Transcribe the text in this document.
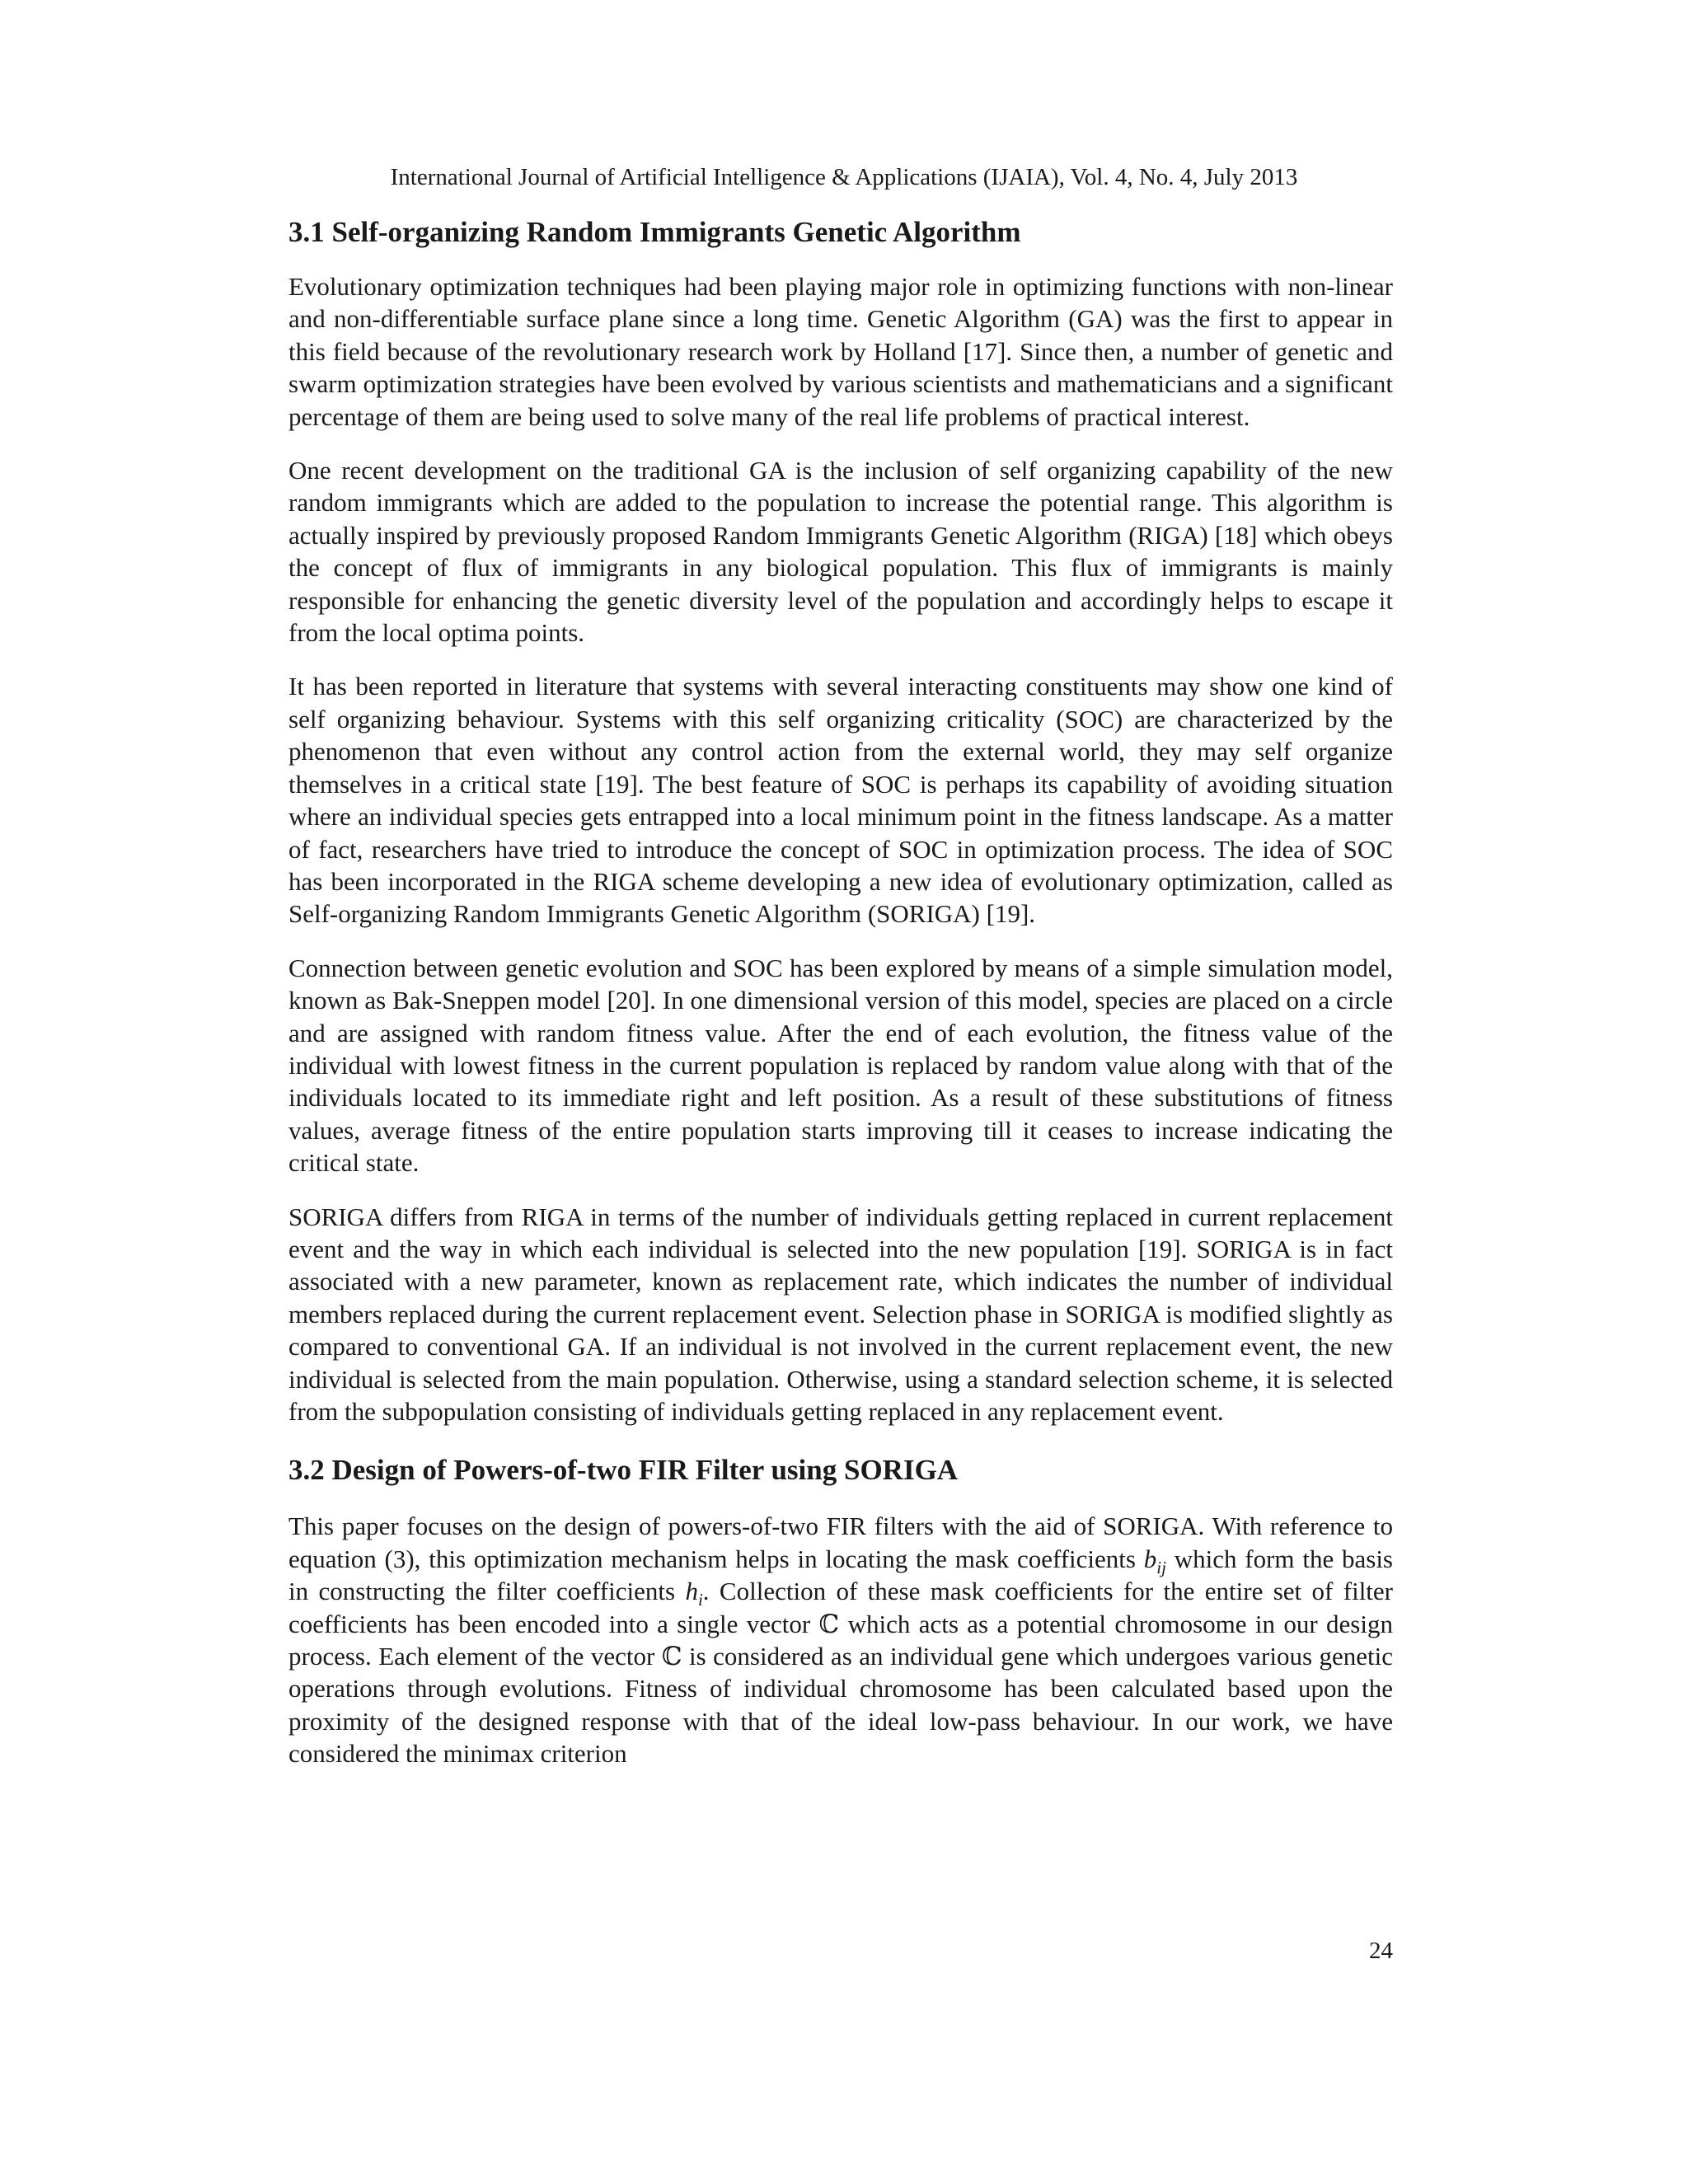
International Journal of Artificial Intelligence & Applications (IJAIA), Vol. 4, No. 4, July 2013
3.1 Self-organizing Random Immigrants Genetic Algorithm

Evolutionary optimization techniques had been playing major role in optimizing functions with non-linear and non-differentiable surface plane since a long time. Genetic Algorithm (GA) was the first to appear in this field because of the revolutionary research work by Holland [17]. Since then, a number of genetic and swarm optimization strategies have been evolved by various scientists and mathematicians and a significant percentage of them are being used to solve many of the real life problems of practical interest.

One recent development on the traditional GA is the inclusion of self organizing capability of the new random immigrants which are added to the population to increase the potential range. This algorithm is actually inspired by previously proposed Random Immigrants Genetic Algorithm (RIGA) [18] which obeys the concept of flux of immigrants in any biological population. This flux of immigrants is mainly responsible for enhancing the genetic diversity level of the population and accordingly helps to escape it from the local optima points.

It has been reported in literature that systems with several interacting constituents may show one kind of self organizing behaviour. Systems with this self organizing criticality (SOC) are characterized by the phenomenon that even without any control action from the external world, they may self organize themselves in a critical state [19]. The best feature of SOC is perhaps its capability of avoiding situation where an individual species gets entrapped into a local minimum point in the fitness landscape. As a matter of fact, researchers have tried to introduce the concept of SOC in optimization process. The idea of SOC has been incorporated in the RIGA scheme developing a new idea of evolutionary optimization, called as Self-organizing Random Immigrants Genetic Algorithm (SORIGA) [19].

Connection between genetic evolution and SOC has been explored by means of a simple simulation model, known as Bak-Sneppen model [20]. In one dimensional version of this model, species are placed on a circle and are assigned with random fitness value. After the end of each evolution, the fitness value of the individual with lowest fitness in the current population is replaced by random value along with that of the individuals located to its immediate right and left position. As a result of these substitutions of fitness values, average fitness of the entire population starts improving till it ceases to increase indicating the critical state.

SORIGA differs from RIGA in terms of the number of individuals getting replaced in current replacement event and the way in which each individual is selected into the new population [19]. SORIGA is in fact associated with a new parameter, known as replacement rate, which indicates the number of individual members replaced during the current replacement event. Selection phase in SORIGA is modified slightly as compared to conventional GA. If an individual is not involved in the current replacement event, the new individual is selected from the main population. Otherwise, using a standard selection scheme, it is selected from the subpopulation consisting of individuals getting replaced in any replacement event.

3.2 Design of Powers-of-two FIR Filter using SORIGA

This paper focuses on the design of powers-of-two FIR filters with the aid of SORIGA. With reference to equation (3), this optimization mechanism helps in locating the mask coefficients $b_{ij}$ which form the basis in constructing the filter coefficients $h_i$. Collection of these mask coefficients for the entire set of filter coefficients has been encoded into a single vector ℂ which acts as a potential chromosome in our design process. Each element of the vector ℂ is considered as an individual gene which undergoes various genetic operations through evolutions. Fitness of individual chromosome has been calculated based upon the proximity of the designed response with that of the ideal low-pass behaviour. In our work, we have considered the minimax criterion

24
